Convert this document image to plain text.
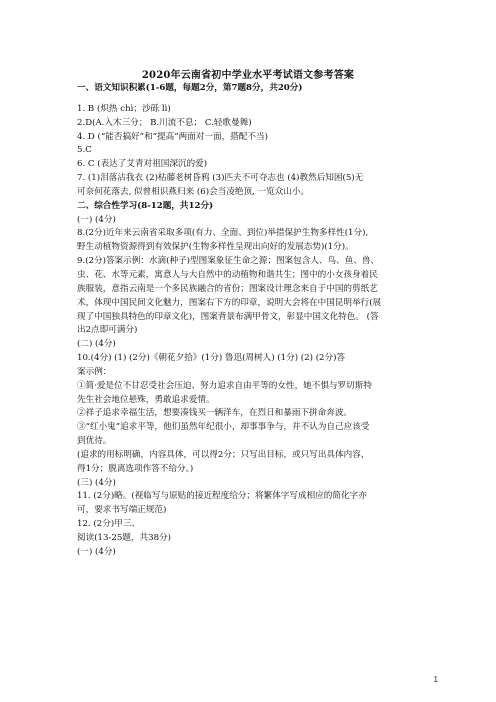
2020年云南省初中学业水平考试语文参考答案
一、语文知识积累(1-6题，每题2分，第7题8分，共20分)
1. B (炽热 chì；沙砾 lì)
2.D(A.入木三分； B.川流不息； C.轻歌曼舞)
4. D (“能否搞好”和“提高”两面对一面，搭配不当)
5.C
6. C (表达了艾青对祖国深沉的爱)
7. (1)泪落沾我衣 (2)枯藤老树昏鸦 (3)匹夫不可夺志也 (4)教然后知困(5)无
可奈何花落去, 似曾相识燕归来 (6)会当凌绝顶, 一览众山小。
二、综合性学习(8-12题，共12分)
(一) (4分)
8.(2分)近年来云南省采取多项(有力、全面、到位)举措保护生物多样性(1分),
野生动植物资源得到有效保护(生物多样性呈现出向好的发展态势)(1分)。
9.(2分)答案示例：水滴(种子)型图案象征生命之源；图案包含人、鸟、鱼、兽、
虫、花、水等元素，寓意人与大自然中的动植物和谐共生；图中的小女孩身着民
族服装，意指云南是一个多民族融合的省份；图案设计理念来自于中国的剪纸艺
术，体现中国民间文化魅力，图案右下方的印章，说明大会将在中国昆明举行(展
现了中国独具特色的印章文化)，图案背景布满甲骨文，彰显中国文化特色。 (答
出2点即可满分)
(二) (4分)
10.(4分) (1) (2分)《朝花夕拾》(1分) 鲁迅(周树人) (1分) (2) (2分)答
案示例：
①简·爱是位不甘忍受社会压迫、努力追求自由平等的女性，她不惧与罗切斯特
先生社会地位悬殊，勇敢追求爱情。
②祥子追求幸福生活，想要凑钱买一辆洋车，在烈日和暴雨下拼命奔波。
③“红小鬼”追求平等，他们虽然年纪很小，却事事争与，并不认为自己应该受
到优待。
(追求的用标明确，内容具体，可以得2分；只写出目标，或只写出具体内容，
得1分；脱离选项作答不给分。)
(三) (4分)
11. (2分)略。(视临写与原贴的接近程度给分；将繁体字写成相应的简化字亦
可，要求书写端正规范)
12. (2分)甲三、
阅读(13-25题，共38分)
(一) (4分)
1
